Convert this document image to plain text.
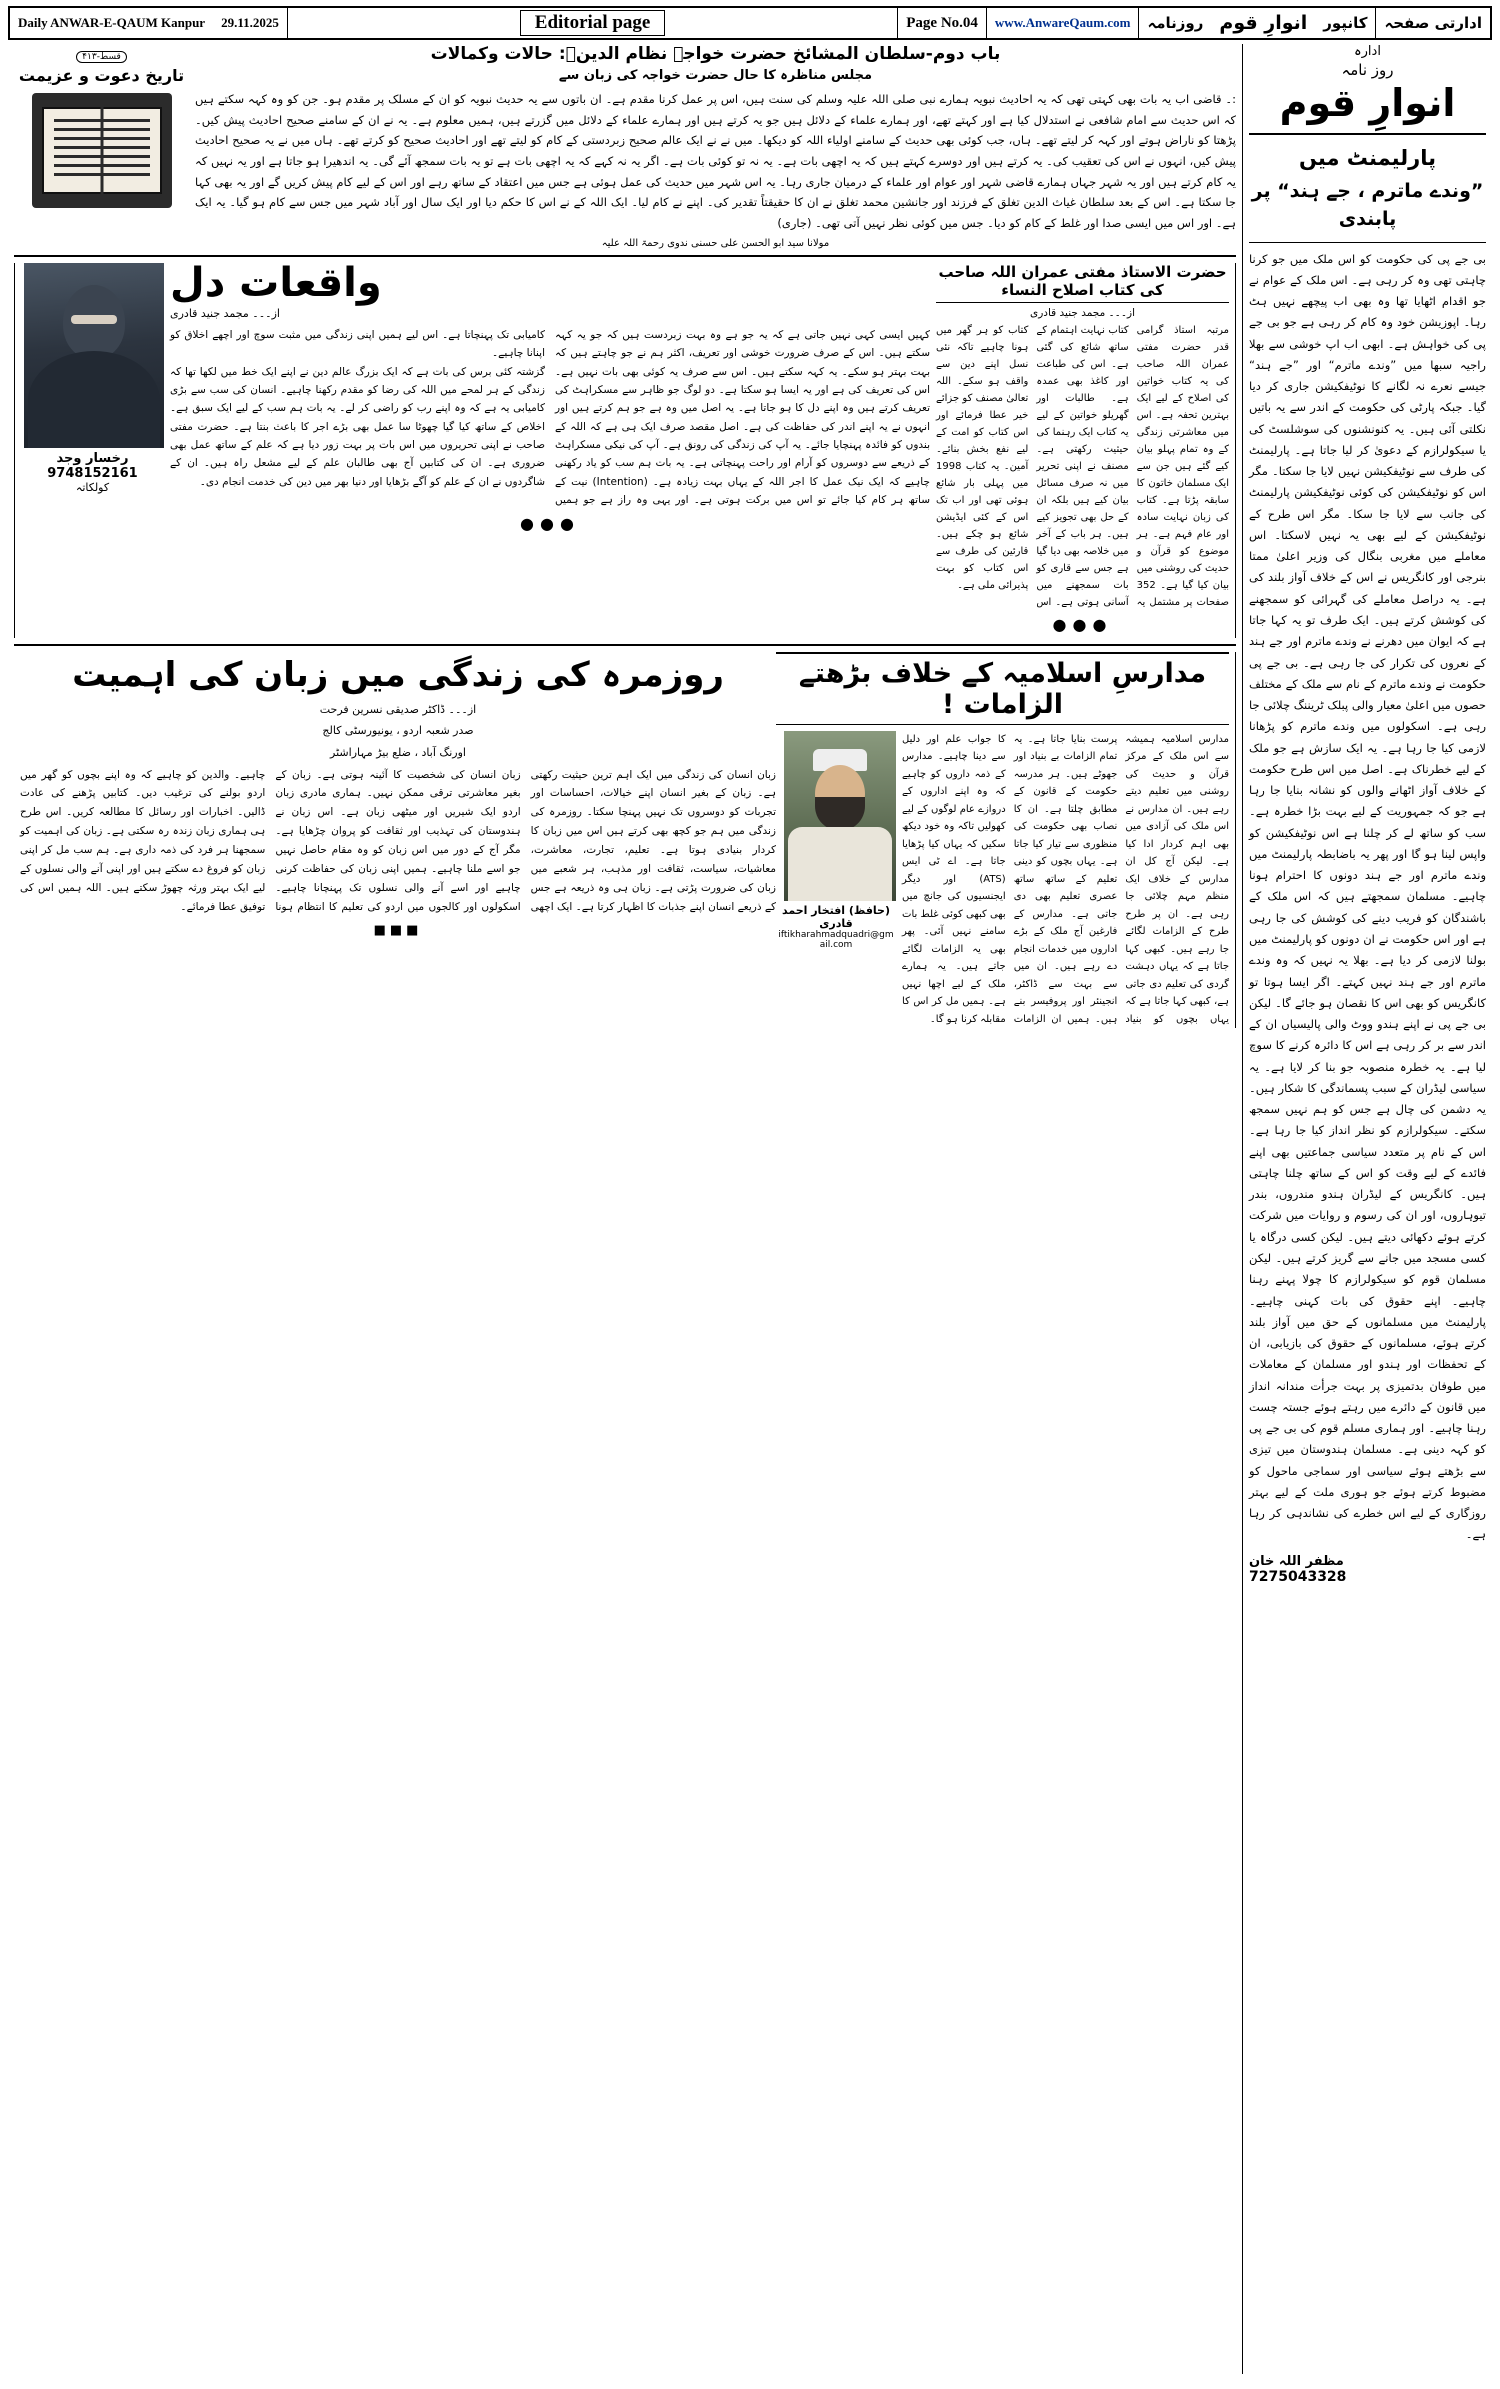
Daily ANWAR-E-QAUM Kanpur	29.11.2025	Editorial page	Page No.04	www.AnwareQaum.com	روزنامہ انوارِ قوم	کانپور	ادارتی صفحہ
ادارہ
روز نامہ
انوارِ قوم
پارلیمنٹ میں
”وندے ماترم ، جے ہند“ پر پابندی
بی جے پی کی حکومت کو اس ملک میں جو کرنا چاہتی تھی وہ کر رہی ہے۔ اس ملک کے عوام نے جو اقدام اٹھایا تھا وہ بھی اب پیچھے نہیں ہٹ رہا۔ اپوزیشن خود وہ کام کر رہی ہے جو بی جے پی کی خواہش ہے۔ ابھی اب اپ خوشی سے بھلا راجیہ سبھا میں ”وندے ماترم“ اور ”جے ہند“ جیسے نعرے نہ لگانے کا نوٹیفکیشن جاری کر دیا گیا۔ جبکہ پارٹی کی حکومت کے اندر سے یہ باتیں نکلتی آئی ہیں۔ یہ کنونشنوں کی سوشلسٹ کی یا سیکولرازم کے دعویٰ کر لیا جاتا ہے۔ پارلیمنٹ کی طرف سے نوٹیفکیشن نہیں لایا جا سکتا۔ مگر اس کو نوٹیفکیشن کی کوئی نوٹیفکیشن پارلیمنٹ کی جانب سے لایا جا سکا۔ مگر اس طرح کے نوٹیفکیشن کے لیے بھی یہ نہیں لاسکتا۔ اس معاملے میں مغربی بنگال کی وزیر اعلیٰ ممتا بنرجی اور کانگریس نے اس کے خلاف آواز بلند کی ہے۔ یہ دراصل معاملے کی گہرائی کو سمجھنے کی کوشش کرتے ہیں۔ ایک طرف تو یہ کہا جاتا ہے کہ ایوان میں دھرنے نے وندے ماترم اور جے ہند کے نعروں کی تکرار کی جا رہی ہے۔ بی جے پی حکومت نے وندے ماترم کے نام سے ملک کے مختلف حصوں میں اعلیٰ معیار والی پبلک ٹریننگ چلائی جا رہی ہے۔ اسکولوں میں وندے ماترم کو پڑھانا لازمی کیا جا رہا ہے۔ یہ ایک سازش ہے جو ملک کے لیے خطرناک ہے۔ اصل میں اس طرح حکومت کے خلاف آواز اٹھانے والوں کو نشانہ بنایا جا رہا ہے جو کہ جمہوریت کے لیے بہت بڑا خطرہ ہے۔ سب کو ساتھ لے کر چلنا ہے اس نوٹیفکیشن کو واپس لینا ہو گا اور پھر یہ باضابطہ پارلیمنٹ میں وندے ماترم اور جے ہند دونوں کا احترام ہونا چاہیے۔ مسلمان سمجھتے ہیں کہ اس ملک کے باشندگان کو فریب دینے کی کوشش کی جا رہی ہے اور اس حکومت نے ان دونوں کو پارلیمنٹ میں بولنا لازمی کر دیا ہے۔ بھلا یہ نہیں کہ وہ وندے ماترم اور جے ہند نہیں کہتے۔ اگر ایسا ہوتا تو کانگریس کو بھی اس کا نقصان ہو جائے گا۔ لیکن بی جے پی نے اپنے ہندو ووٹ والی پالیسیاں ان کے اندر سے بر کر رہی ہے اس کا دائرہ کرنے کا سوچ لیا ہے۔ یہ خطرہ منصوبہ جو بنا کر لایا ہے۔ یہ سیاسی لیڈران کے سبب پسماندگی کا شکار ہیں۔ یہ دشمن کی چال ہے جس کو ہم نہیں سمجھ سکتے۔ سیکولرازم کو نظر انداز کیا جا رہا ہے۔ اس کے نام پر متعدد سیاسی جماعتیں بھی اپنے فائدے کے لیے وقت کو اس کے ساتھ چلنا چاہتی ہیں۔ کانگریس کے لیڈران ہندو مندروں، بندر تیوہاروں، اور ان کی رسوم و روایات میں شرکت کرتے ہوئے دکھائی دیتے ہیں۔ لیکن کسی درگاہ یا کسی مسجد میں جانے سے گریز کرتے ہیں۔ لیکن مسلمان قوم کو سیکولرازم کا چولا پہنے رہنا چاہیے۔ اپنے حقوق کی بات کہنی چاہیے۔ پارلیمنٹ میں مسلمانوں کے حق میں آواز بلند کرتے ہوئے، مسلمانوں کے حقوق کی بازیابی، ان کے تحفظات اور ہندو اور مسلمان کے معاملات میں طوفان بدتمیزی پر بہت جرأت مندانہ انداز میں قانون کے دائرے میں رہتے ہوئے جستہ چست رہنا چاہیے۔ اور ہماری مسلم قوم کی بی جے پی کو کہہ دینی ہے۔ مسلمان ہندوستان میں تیزی سے بڑھتے ہوئے سیاسی اور سماجی ماحول کو مضبوط کرتے ہوئے جو ہوری ملت کے لیے بہتر روزگاری کے لیے اس خطرے کی نشاندہی کر رہا ہے۔
مظفر اللہ خان
7275043328
قسط-۴۱۳
تاریخ دعوت و عزیمت
باب دوم-سلطان المشائخ حضرت خواجہ نظام الدینؒ: حالات وکمالات
مجلس مناظرہ کا حال حضرت خواجہ کی زبان سے
:۔ قاضی اب یہ بات بھی کہتی تھی کہ یہ احادیث نبویہ ہمارے نبی صلی اللہ علیہ وسلم کی سنت ہیں، اس پر عمل کرنا مقدم ہے۔ ان باتوں سے یہ حدیث نبویہ کو ان کے مسلک پر مقدم ہو۔ جن کو وہ کہہ سکتے ہیں کہ اس حدیث سے امام شافعی نے استدلال کیا ہے اور کہتے تھے، اور ہمارے علماء کے دلائل ہیں جو یہ کرتے ہیں اور ہمارے علماء کے دلائل میں گزرتے ہیں، ہمیں معلوم ہے۔ یہ نے ان کے سامنے صحیح احادیث پیش کیں۔ پڑھتا کو ناراض ہوتے اور کہہ کر لیتے تھے۔ ہاں، جب کوئی بھی حدیث کے سامنے اولیاء اللہ کو دیکھا۔ میں نے نے ایک عالم صحیح زبردستی کے کام کو لیتے تھے اور احادیث صحیح کو کرتے تھے۔ ہاں میں نے یہ صحیح احادیث پیش کیں، انہوں نے اس کی تعقیب کی۔ یہ کرتے ہیں اور دوسرے کہتے ہیں کہ یہ اچھی بات ہے۔ یہ نہ تو کوئی بات ہے۔ اگر یہ نہ کہے کہ یہ اچھی بات ہے تو یہ بات سمجھ آئے گی۔ یہ اندھیرا ہو جاتا ہے اور یہ نہیں کہ یہ کام کرتے ہیں اور یہ شہر جہاں ہمارے قاضی شہر اور عوام اور علماء کے درمیان جاری رہا۔ یہ اس شہر میں حدیث کی عمل ہوئی ہے جس میں اعتقاد کے ساتھ رہے اور اس کے لیے کام پیش کریں گے اور یہ بھی کہا جا سکتا ہے۔ اس کے بعد سلطان غیاث الدین تغلق کے فرزند اور جانشین محمد تغلق نے ان کا حقیقتاً تقدیر کی۔ اپنے نے کام لیا۔ ایک اللہ کے نے اس کا حکم دیا اور ایک سال اور آباد شہر میں جس سے کام ہو گیا۔ یہ ایک ہے۔ اور اس میں ایسی صدا اور غلط کے کام کو دیا۔ جس میں کوئی نظر نہیں آتی تھی۔ (جاری)
مولانا سید ابو الحسن علی حسنی ندوی رحمۃ اللہ علیہ
رخسار وجد
9748152161
کولکاتہ
واقعات دل
از۔۔۔ مجمد جنید قادری
کہیں ایسی کہی نہیں جاتی ہے کہ یہ جو ہے وہ بہت زبردست ہیں کہ جو یہ کہہ سکتے ہیں۔ اس کے صرف ضرورت خوشی اور تعریف، اکثر ہم نے جو چاہتے ہیں کہ بہت بہتر ہو سکے۔ یہ کہہ سکتے ہیں۔ اس سے صرف یہ کوئی بھی بات نہیں ہے۔ اس کی تعریف کی ہے اور یہ ایسا ہو سکتا ہے۔ دو لوگ جو ظاہر سے مسکراہٹ کی تعریف کرتے ہیں وہ اپنے دل کا ہو جاتا ہے۔ یہ اصل میں وہ ہے جو ہم کرتے ہیں اور انہوں نے یہ اپنے اندر کی حفاظت کی ہے۔ اصل مقصد صرف ایک ہی ہے کہ اللہ کے بندوں کو فائدہ پہنچایا جائے۔ یہ آپ کی زندگی کی رونق ہے۔ آپ کی نیکی مسکراہٹ کے ذریعے سے دوسروں کو آرام اور راحت پہنچاتی ہے۔ یہ بات ہم سب کو یاد رکھنی چاہیے کہ ایک نیک عمل کا اجر اللہ کے یہاں بہت زیادہ ہے۔ (Intention) نیت کے ساتھ ہر کام کیا جائے تو اس میں برکت ہوتی ہے۔ اور یہی وہ راز ہے جو ہمیں کامیابی تک پہنچاتا ہے۔ اس لیے ہمیں اپنی زندگی میں مثبت سوچ اور اچھے اخلاق کو اپنانا چاہیے۔
گزشتہ کئی برس کی بات ہے کہ ایک بزرگ عالم دین نے اپنے ایک خط میں لکھا تھا کہ زندگی کے ہر لمحے میں اللہ کی رضا کو مقدم رکھنا چاہیے۔ انسان کی سب سے بڑی کامیابی یہ ہے کہ وہ اپنے رب کو راضی کر لے۔ یہ بات ہم سب کے لیے ایک سبق ہے۔ اخلاص کے ساتھ کیا گیا چھوٹا سا عمل بھی بڑے اجر کا باعث بنتا ہے۔ حضرت مفتی صاحب نے اپنی تحریروں میں اس بات پر بہت زور دیا ہے کہ علم کے ساتھ عمل بھی ضروری ہے۔ ان کی کتابیں آج بھی طالبان علم کے لیے مشعل راہ ہیں۔ ان کے شاگردوں نے ان کے علم کو آگے بڑھایا اور دنیا بھر میں دین کی خدمت انجام دی۔
●●●
حضرت الاستاذ مفتی عمران اللہ صاحب کی کتاب اصلاح النساء
از۔۔۔ مجمد جنید قادری
مرتبہ استاذ گرامی قدر حضرت مفتی عمران اللہ صاحب کی یہ کتاب خواتین کی اصلاح کے لیے ایک بہترین تحفہ ہے۔ اس میں معاشرتی زندگی کے وہ تمام پہلو بیان کیے گئے ہیں جن سے ایک مسلمان خاتون کا سابقہ پڑتا ہے۔ کتاب کی زبان نہایت سادہ اور عام فہم ہے۔ ہر موضوع کو قرآن و حدیث کی روشنی میں بیان کیا گیا ہے۔ 352 صفحات پر مشتمل یہ کتاب نہایت اہتمام کے ساتھ شائع کی گئی ہے۔ اس کی طباعت اور کاغذ بھی عمدہ ہے۔ طالبات اور گھریلو خواتین کے لیے یہ کتاب ایک رہنما کی حیثیت رکھتی ہے۔ مصنف نے اپنی تحریر میں نہ صرف مسائل بیان کیے ہیں بلکہ ان کے حل بھی تجویز کیے ہیں۔ ہر باب کے آخر میں خلاصہ بھی دیا گیا ہے جس سے قاری کو بات سمجھنے میں آسانی ہوتی ہے۔ اس کتاب کو ہر گھر میں ہونا چاہیے تاکہ نئی نسل اپنے دین سے واقف ہو سکے۔ اللہ تعالیٰ مصنف کو جزائے خیر عطا فرمائے اور اس کتاب کو امت کے لیے نفع بخش بنائے۔ آمین۔ یہ کتاب 1998 میں پہلی بار شائع ہوئی تھی اور اب تک اس کے کئی ایڈیشن شائع ہو چکے ہیں۔ قارئین کی طرف سے اس کتاب کو بہت پذیرائی ملی ہے۔
●●●
روزمرہ کی زندگی میں زبان کی اہمیت
از۔۔۔ ڈاکٹر صدیقی نسرین فرحت
صدر شعبہ اردو ، یونیورسٹی کالج
اورنگ آباد ، ضلع بیڑ مہاراشٹر
زبان انسان کی زندگی میں ایک اہم ترین حیثیت رکھتی ہے۔ زبان کے بغیر انسان اپنے خیالات، احساسات اور تجربات کو دوسروں تک نہیں پہنچا سکتا۔ روزمرہ کی زندگی میں ہم جو کچھ بھی کرتے ہیں اس میں زبان کا کردار بنیادی ہوتا ہے۔ تعلیم، تجارت، معاشرت، معاشیات، سیاست، ثقافت اور مذہب، ہر شعبے میں زبان کی ضرورت پڑتی ہے۔ زبان ہی وہ ذریعہ ہے جس کے ذریعے انسان اپنے جذبات کا اظہار کرتا ہے۔ ایک اچھی زبان انسان کی شخصیت کا آئینہ ہوتی ہے۔ زبان کے بغیر معاشرتی ترقی ممکن نہیں۔ ہماری مادری زبان اردو ایک شیریں اور میٹھی زبان ہے۔ اس زبان نے ہندوستان کی تہذیب اور ثقافت کو پروان چڑھایا ہے۔ مگر آج کے دور میں اس زبان کو وہ مقام حاصل نہیں جو اسے ملنا چاہیے۔ ہمیں اپنی زبان کی حفاظت کرنی چاہیے اور اسے آنے والی نسلوں تک پہنچانا چاہیے۔ اسکولوں اور کالجوں میں اردو کی تعلیم کا انتظام ہونا چاہیے۔ والدین کو چاہیے کہ وہ اپنے بچوں کو گھر میں اردو بولنے کی ترغیب دیں۔ کتابیں پڑھنے کی عادت ڈالیں۔ اخبارات اور رسائل کا مطالعہ کریں۔ اس طرح ہی ہماری زبان زندہ رہ سکتی ہے۔ زبان کی اہمیت کو سمجھنا ہر فرد کی ذمہ داری ہے۔ ہم سب مل کر اپنی زبان کو فروغ دے سکتے ہیں اور اپنی آنے والی نسلوں کے لیے ایک بہتر ورثہ چھوڑ سکتے ہیں۔ اللہ ہمیں اس کی توفیق عطا فرمائے۔
■■■
مدارسِ اسلامیہ کے خلاف بڑھتے الزامات !
(حافظ) افتخار احمد قادری
iftikharahmadquadri@gmail.com
مدارس اسلامیہ ہمیشہ سے اس ملک کے مرکز قرآن و حدیث کی روشنی میں تعلیم دیتے رہے ہیں۔ ان مدارس نے اس ملک کی آزادی میں بھی اہم کردار ادا کیا ہے۔ لیکن آج کل ان مدارس کے خلاف ایک منظم مہم چلائی جا رہی ہے۔ ان پر طرح طرح کے الزامات لگائے جا رہے ہیں۔ کبھی کہا جاتا ہے کہ یہاں دہشت گردی کی تعلیم دی جاتی ہے، کبھی کہا جاتا ہے کہ یہاں بچوں کو بنیاد پرست بنایا جاتا ہے۔ یہ تمام الزامات بے بنیاد اور جھوٹے ہیں۔ ہر مدرسہ حکومت کے قانون کے مطابق چلتا ہے۔ ان کا نصاب بھی حکومت کی منظوری سے تیار کیا جاتا ہے۔ یہاں بچوں کو دینی تعلیم کے ساتھ ساتھ عصری تعلیم بھی دی جاتی ہے۔ مدارس کے فارغین آج ملک کے بڑے اداروں میں خدمات انجام دے رہے ہیں۔ ان میں سے بہت سے ڈاکٹر، انجینئر اور پروفیسر بنے ہیں۔ ہمیں ان الزامات کا جواب علم اور دلیل سے دینا چاہیے۔ مدارس کے ذمہ داروں کو چاہیے کہ وہ اپنے اداروں کے دروازے عام لوگوں کے لیے کھولیں تاکہ وہ خود دیکھ سکیں کہ یہاں کیا پڑھایا جاتا ہے۔ اے ٹی ایس (ATS) اور دیگر ایجنسیوں کی جانچ میں بھی کبھی کوئی غلط بات سامنے نہیں آئی۔ پھر بھی یہ الزامات لگائے جاتے ہیں۔ یہ ہمارے ملک کے لیے اچھا نہیں ہے۔ ہمیں مل کر اس کا مقابلہ کرنا ہو گا۔
